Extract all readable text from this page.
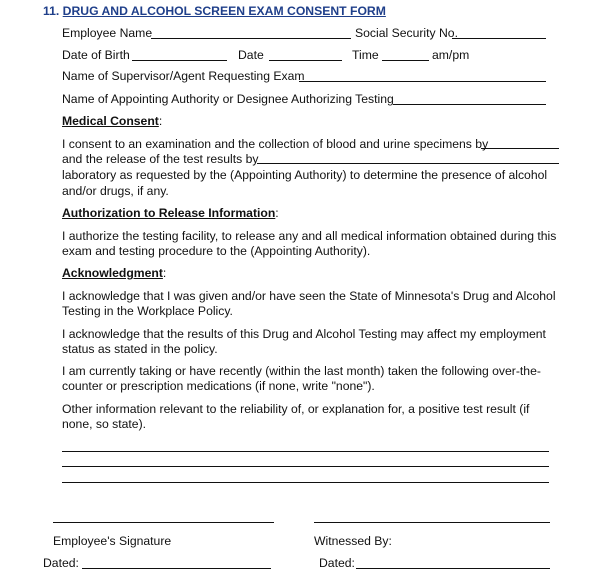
11. DRUG AND ALCOHOL SCREEN EXAM CONSENT FORM
Employee Name	Social Security No.
Date of Birth	Date	Time	am/pm
Name of Supervisor/Agent Requesting Exam
Name of Appointing Authority or Designee Authorizing Testing
Medical Consent:
I consent to an examination and the collection of blood and urine specimens by
and the release of the test results by
laboratory as requested by the (Appointing Authority) to determine the presence of alcohol
and/or drugs, if any.
Authorization to Release Information:
I authorize the testing facility, to release any and all medical information obtained during this
exam and testing procedure to the (Appointing Authority).
Acknowledgment:
I acknowledge that I was given and/or have seen the State of Minnesota's Drug and Alcohol
Testing in the Workplace Policy.
I acknowledge that the results of this Drug and Alcohol Testing may affect my employment
status as stated in the policy.
I am currently taking or have recently (within the last month) taken the following over-the-
counter or prescription medications (if none, write "none").
Other information relevant to the reliability of, or explanation for, a positive test result (if
none, so state).
Employee's Signature	Witnessed By:
Dated:	Dated:
